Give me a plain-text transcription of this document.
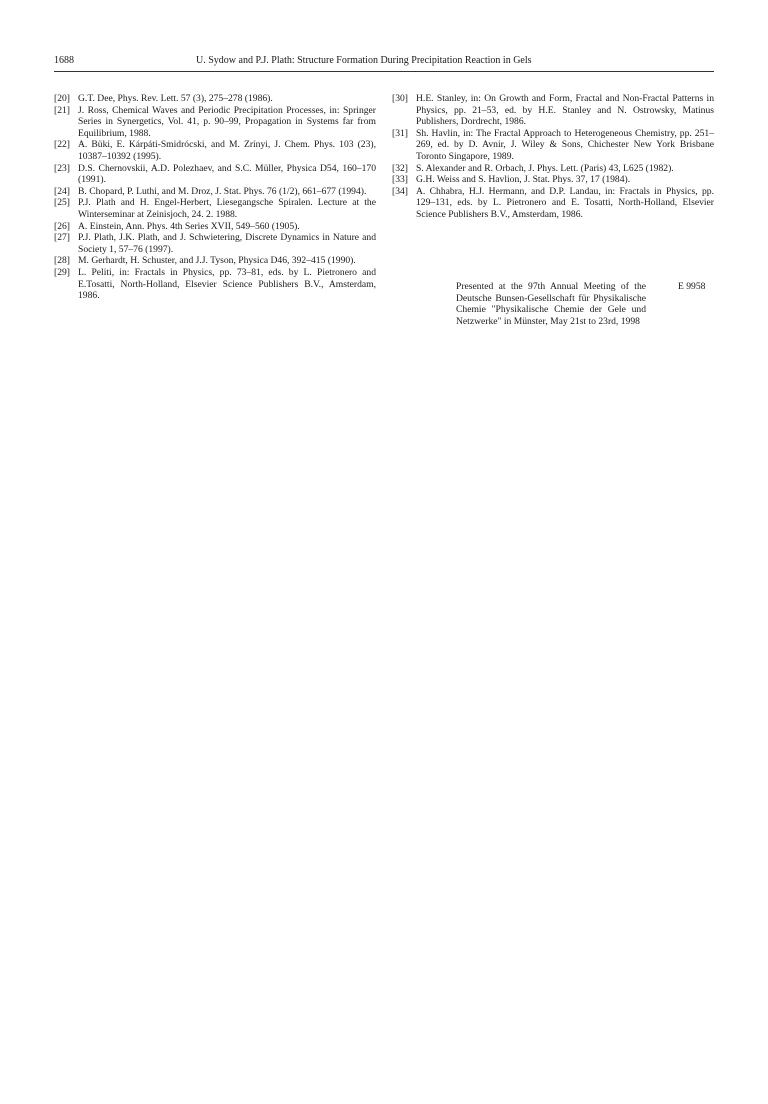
1688	U. Sydow and P.J. Plath: Structure Formation During Precipitation Reaction in Gels
[20] G.T. Dee, Phys. Rev. Lett. 57 (3), 275–278 (1986).
[21] J. Ross, Chemical Waves and Periodic Precipitation Processes, in: Springer Series in Synergetics, Vol. 41, p. 90–99, Propagation in Systems far from Equilibrium, 1988.
[22] A. Büki, E. Kárpáti-Smidrócski, and M. Zrínyi, J. Chem. Phys. 103 (23), 10387–10392 (1995).
[23] D.S. Chernovskii, A.D. Polezhaev, and S.C. Müller, Physica D54, 160–170 (1991).
[24] B. Chopard, P. Luthi, and M. Droz, J. Stat. Phys. 76 (1/2), 661–677 (1994).
[25] P.J. Plath and H. Engel-Herbert, Liesegangsche Spiralen. Lecture at the Winterseminar at Zeinisjoch, 24. 2. 1988.
[26] A. Einstein, Ann. Phys. 4th Series XVII, 549–560 (1905).
[27] P.J. Plath, J.K. Plath, and J. Schwietering, Discrete Dynamics in Nature and Society 1, 57–76 (1997).
[28] M. Gerhardt, H. Schuster, and J.J. Tyson, Physica D46, 392–415 (1990).
[29] L. Peliti, in: Fractals in Physics, pp. 73–81, eds. by L. Pietronero and E.Tosatti, North-Holland, Elsevier Science Publishers B.V., Amsterdam, 1986.
[30] H.E. Stanley, in: On Growth and Form, Fractal and Non-Fractal Patterns in Physics, pp. 21–53, ed. by H.E. Stanley and N. Ostrowsky, Matinus Publishers, Dordrecht, 1986.
[31] Sh. Havlin, in: The Fractal Approach to Heterogeneous Chemistry, pp. 251–269, ed. by D. Avnir, J. Wiley & Sons, Chichester New York Brisbane Toronto Singapore, 1989.
[32] S. Alexander and R. Orbach, J. Phys. Lett. (Paris) 43, L625 (1982).
[33] G.H. Weiss and S. Havlion, J. Stat. Phys. 37, 17 (1984).
[34] A. Chhabra, H.J. Hermann, and D.P. Landau, in: Fractals in Physics, pp. 129–131, eds. by L. Pietronero and E. Tosatti, North-Holland, Elsevier Science Publishers B.V., Amsterdam, 1986.
Presented at the 97th Annual Meeting of the Deutsche Bunsen-Gesellschaft für Physikalische Chemie "Physikalische Chemie der Gele und Netzwerke" in Münster, May 21st to 23rd, 1998
E 9958
